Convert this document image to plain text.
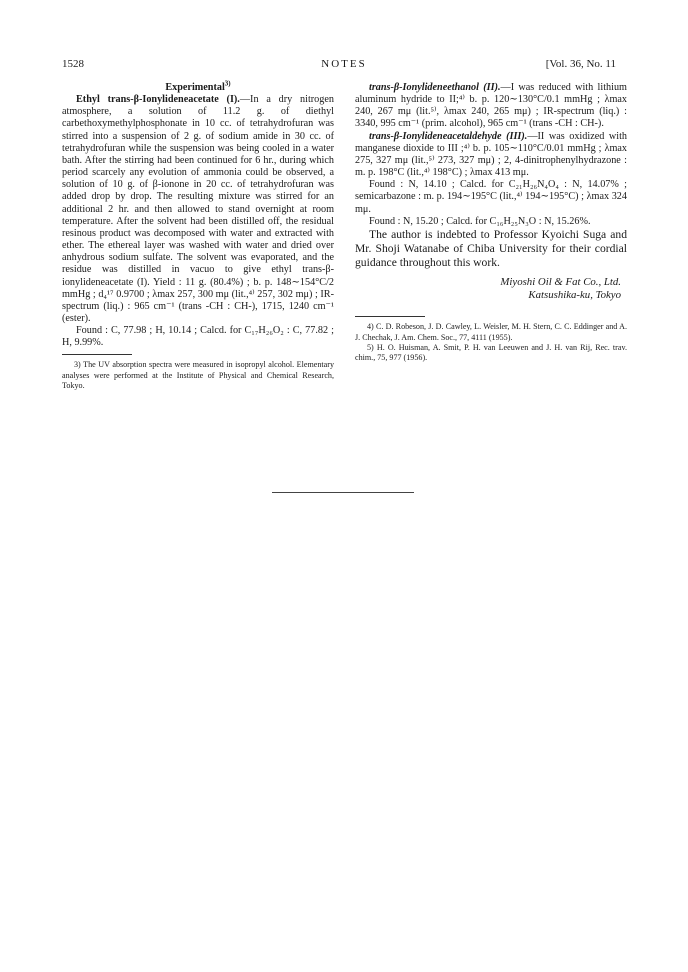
NOTES
1528	[Vol. 36, No. 11

Experimental$^{3)}$

Ethyl trans-β-Ionylideneacetate (I).—In a dry nitrogen atmosphere, a solution of 11.2 g. of diethyl carbethoxymethylphosphonate in 10 cc. of tetrahydrofuran was stirred into a suspension of 2 g. of sodium amide in 30 cc. of tetrahydrofuran while the suspension was being cooled in a water bath. After the stirring had been continued for 6 hr., during which period scarcely any evolution of ammonia could be observed, a solution of 10 g. of β-ionone in 20 cc. of tetrahydrofuran was added drop by drop. The resulting mixture was stirred for an additional 2 hr. and then allowed to stand overnight at room temperature. After the solvent had been distilled off, the residual resinous product was decomposed with water and extracted with ether. The ethereal layer was washed with water and dried over anhydrous sodium sulfate. The solvent was evaporated, and the residue was distilled in vacuo to give ethyl trans-β-ionylideneacetate (I). Yield : 11 g. (80.4%) ; b. p. 148∼154°C/2 mmHg ; d₄¹⁷ 0.9700 ; λmax 257, 300 mμ (lit.,⁴⁾ 257, 302 mμ) ; IR-spectrum (liq.) : 965 cm⁻¹ (trans -CH : CH-), 1715, 1240 cm⁻¹ (ester).

Found : C, 77.98 ; H, 10.14 ; Calcd. for C₁₇H₂₆O₂ : C, 77.82 ; H, 9.99%.

3) The UV absorption spectra were measured in isopropyl alcohol. Elementary analyses were performed at the Institute of Physical and Chemical Research, Tokyo.

trans-β-Ionylideneethanol (II).—I was reduced with lithium aluminum hydride to II;⁴⁾ b. p. 120∼130°C/0.1 mmHg ; λmax 240, 267 mμ (lit.⁵⁾, λmax 240, 265 mμ) ; IR-spectrum (liq.) : 3340, 995 cm⁻¹ (prim. alcohol), 965 cm⁻¹ (trans -CH : CH-).

trans-β-Ionylideneacetaldehyde (III).—II was oxidized with manganese dioxide to III ;⁴⁾ b. p. 105∼110°C/0.01 mmHg ; λmax 275, 327 mμ (lit.,⁵⁾ 273, 327 mμ) ; 2, 4-dinitrophenylhydrazone : m. p. 198°C (lit.,⁴⁾ 198°C) ; λmax 413 mμ.

Found : N, 14.10 ; Calcd. for C₂₁H₂₆N₄O₄ : N, 14.07% ; semicarbazone : m. p. 194∼195°C (lit.,⁴⁾ 194∼195°C) ; λmax 324 mμ.

Found : N, 15.20 ; Calcd. for C₁₆H₂₅N₃O : N, 15.26%.

The author is indebted to Professor Kyoichi Suga and Mr. Shoji Watanabe of Chiba University for their cordial guidance throughout this work.

Miyoshi Oil & Fat Co., Ltd.
Katsushika-ku, Tokyo

4) C. D. Robeson, J. D. Cawley, L. Weisler, M. H. Stern, C. C. Eddinger and A. J. Chechak, J. Am. Chem. Soc., 77, 4111 (1955).

5) H. O. Huisman, A. Smit, P. H. van Leeuwen and J. H. van Rij, Rec. trav. chim., 75, 977 (1956).
